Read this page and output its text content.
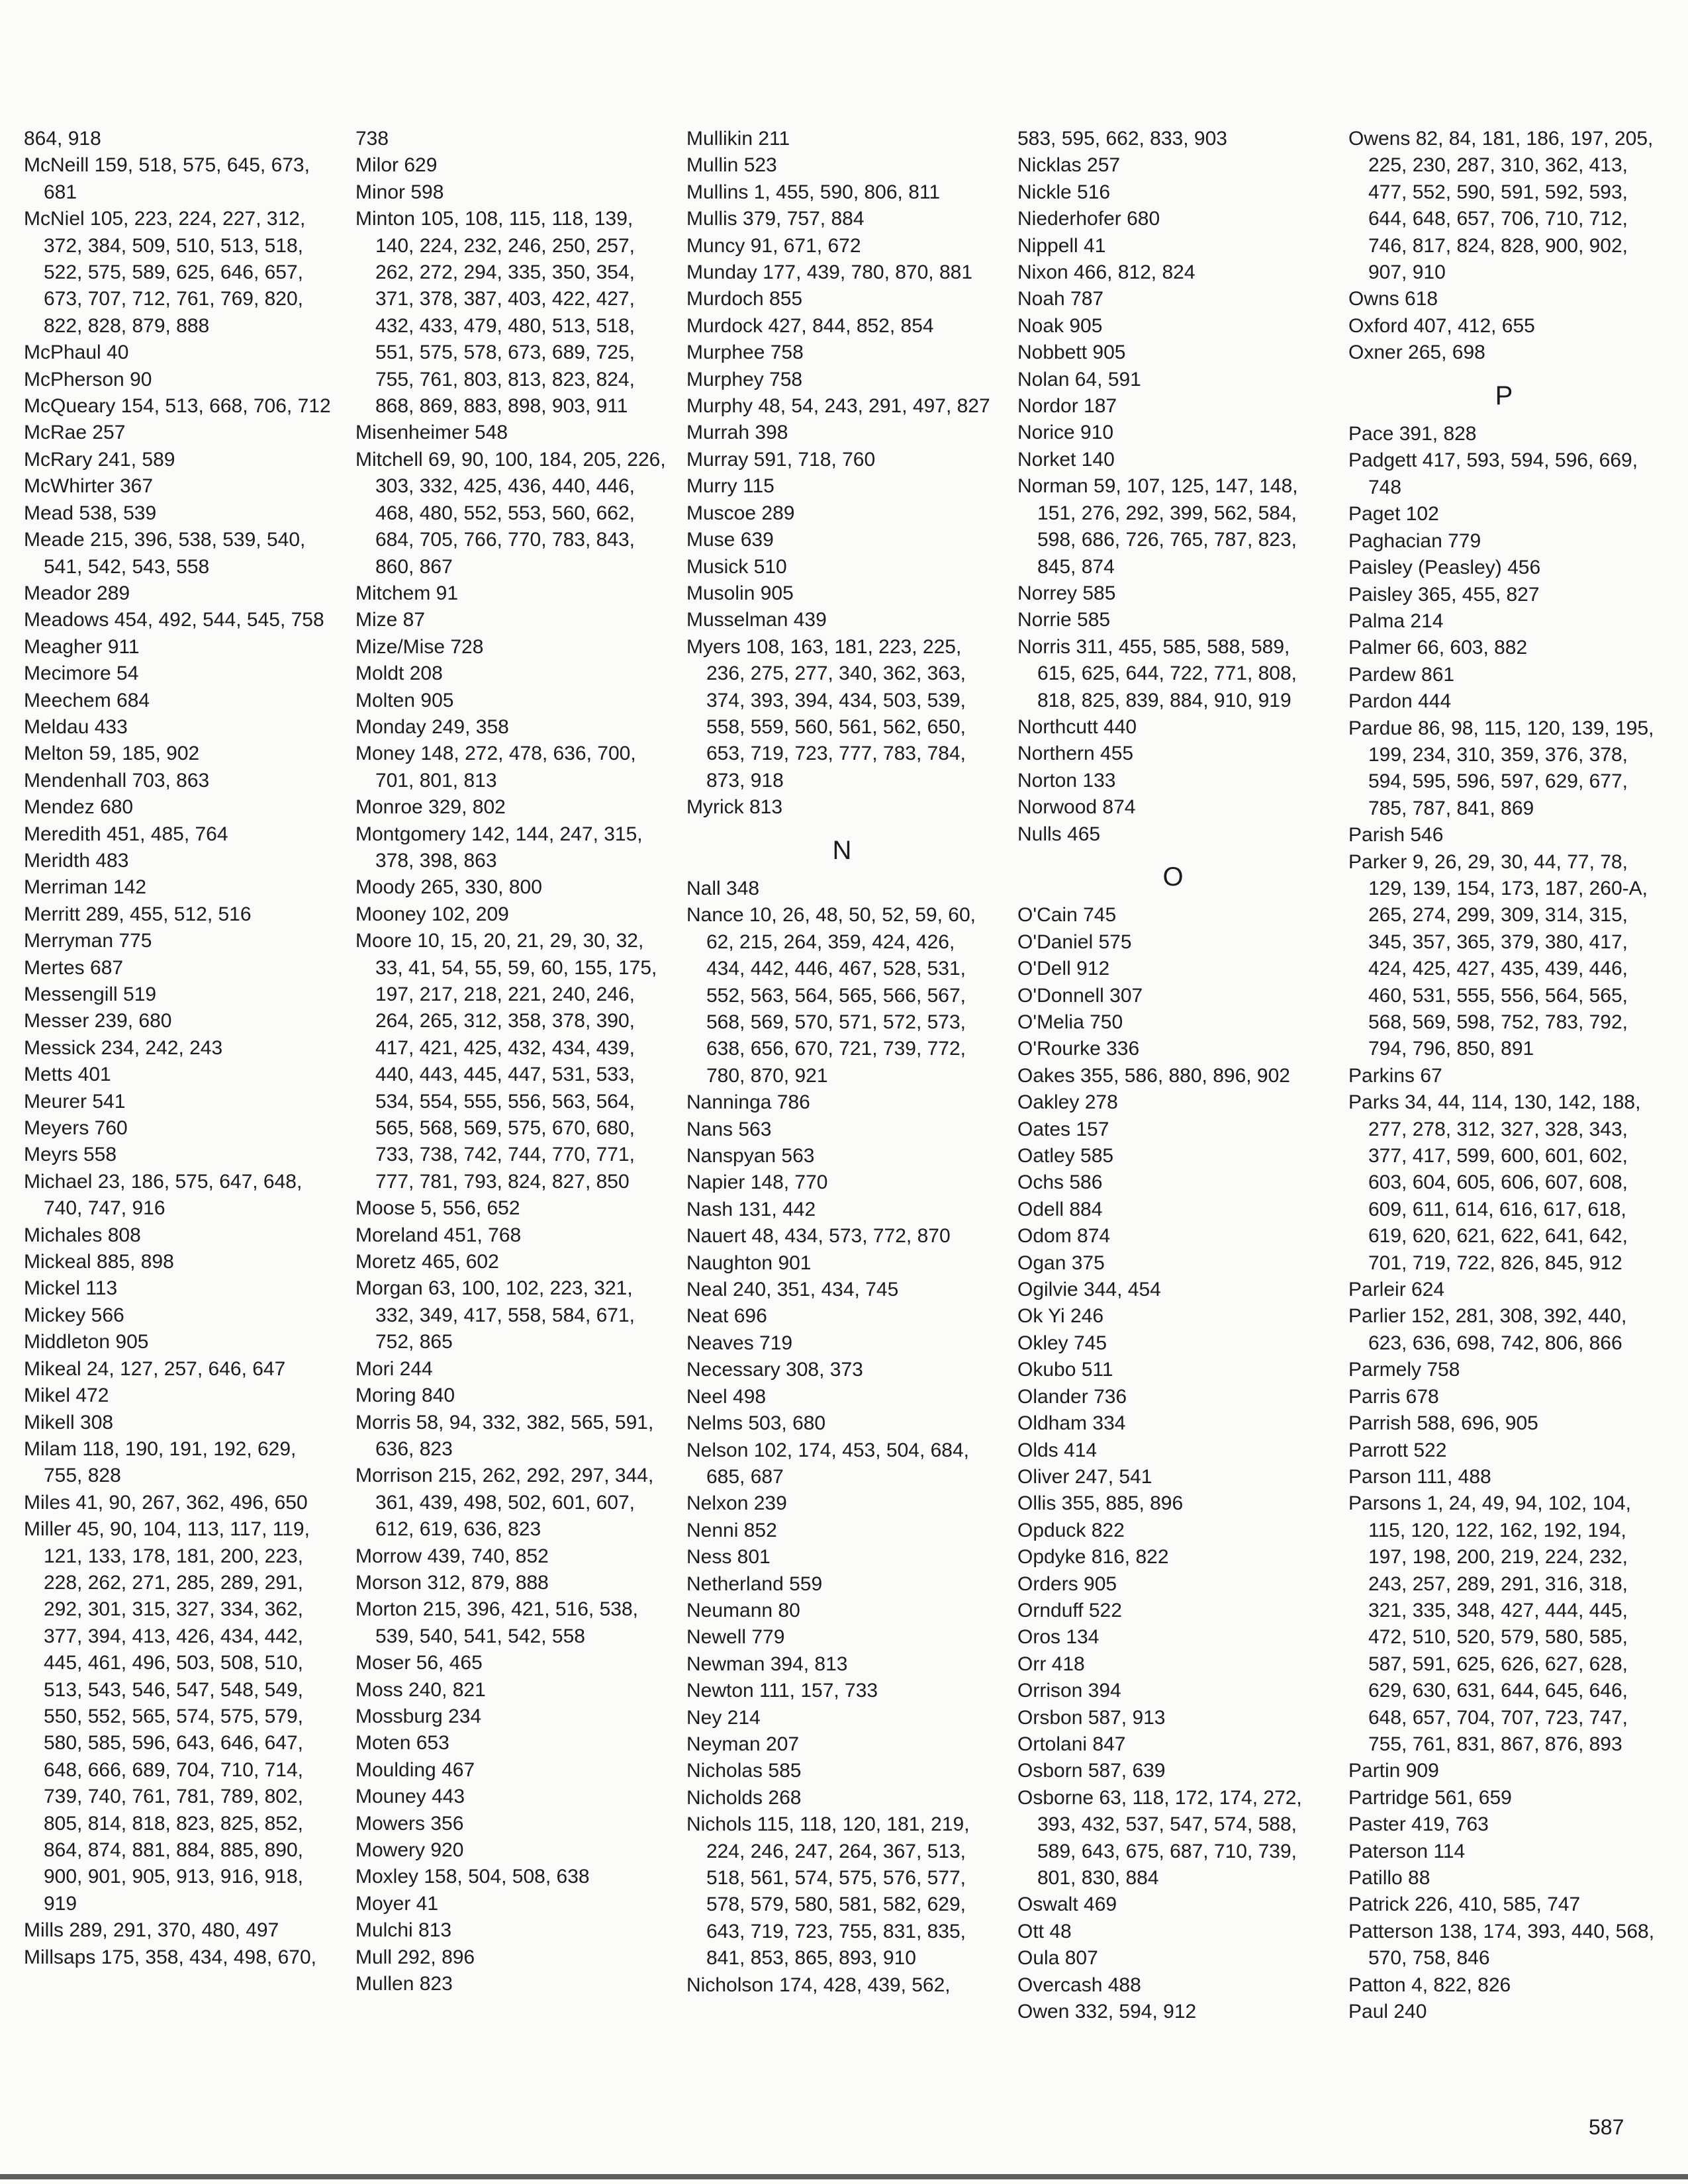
864, 918
McNeill 159, 518, 575, 645, 673, 681
McNiel 105, 223, 224, 227, 312, 372, 384, 509, 510, 513, 518, 522, 575, 589, 625, 646, 657, 673, 707, 712, 761, 769, 820, 822, 828, 879, 888
McPhaul 40
McPherson 90
McQueary 154, 513, 668, 706, 712
McRae 257
McRary 241, 589
McWhirter 367
Mead 538, 539
Meade 215, 396, 538, 539, 540, 541, 542, 543, 558
Meador 289
Meadows 454, 492, 544, 545, 758
Meagher 911
Mecimore 54
Meechem 684
Meldau 433
Melton 59, 185, 902
Mendenhall 703, 863
Mendez 680
Meredith 451, 485, 764
Meridth 483
Merriman 142
Merritt 289, 455, 512, 516
Merryman 775
Mertes 687
Messengill 519
Messer 239, 680
Messick 234, 242, 243
Metts 401
Meurer 541
Meyers 760
Meyrs 558
Michael 23, 186, 575, 647, 648, 740, 747, 916
Michales 808
Mickeal 885, 898
Mickel 113
Mickey 566
Middleton 905
Mikeal 24, 127, 257, 646, 647
Mikel 472
Mikell 308
Milam 118, 190, 191, 192, 629, 755, 828
Miles 41, 90, 267, 362, 496, 650
Miller 45, 90, 104, 113, 117, 119, 121, 133, 178, 181, 200, 223, 228, 262, 271, 285, 289, 291, 292, 301, 315, 327, 334, 362, 377, 394, 413, 426, 434, 442, 445, 461, 496, 503, 508, 510, 513, 543, 546, 547, 548, 549, 550, 552, 565, 574, 575, 579, 580, 585, 596, 643, 646, 647, 648, 666, 689, 704, 710, 714, 739, 740, 761, 781, 789, 802, 805, 814, 818, 823, 825, 852, 864, 874, 881, 884, 885, 890, 900, 901, 905, 913, 916, 918, 919
Mills 289, 291, 370, 480, 497
Millsaps 175, 358, 434, 498, 670,
738
Milor 629
Minor 598
Minton 105, 108, 115, 118, 139, 140, 224, 232, 246, 250, 257, 262, 272, 294, 335, 350, 354, 371, 378, 387, 403, 422, 427, 432, 433, 479, 480, 513, 518, 551, 575, 578, 673, 689, 725, 755, 761, 803, 813, 823, 824, 868, 869, 883, 898, 903, 911
Misenheimer 548
Mitchell 69, 90, 100, 184, 205, 226, 303, 332, 425, 436, 440, 446, 468, 480, 552, 553, 560, 662, 684, 705, 766, 770, 783, 843, 860, 867
Mitchem 91
Mize 87
Mize/Mise 728
Moldt 208
Molten 905
Monday 249, 358
Money 148, 272, 478, 636, 700, 701, 801, 813
Monroe 329, 802
Montgomery 142, 144, 247, 315, 378, 398, 863
Moody 265, 330, 800
Mooney 102, 209
Moore 10, 15, 20, 21, 29, 30, 32, 33, 41, 54, 55, 59, 60, 155, 175, 197, 217, 218, 221, 240, 246, 264, 265, 312, 358, 378, 390, 417, 421, 425, 432, 434, 439, 440, 443, 445, 447, 531, 533, 534, 554, 555, 556, 563, 564, 565, 568, 569, 575, 670, 680, 733, 738, 742, 744, 770, 771, 777, 781, 793, 824, 827, 850
Moose 5, 556, 652
Moreland 451, 768
Moretz 465, 602
Morgan 63, 100, 102, 223, 321, 332, 349, 417, 558, 584, 671, 752, 865
Mori 244
Moring 840
Morris 58, 94, 332, 382, 565, 591, 636, 823
Morrison 215, 262, 292, 297, 344, 361, 439, 498, 502, 601, 607, 612, 619, 636, 823
Morrow 439, 740, 852
Morson 312, 879, 888
Morton 215, 396, 421, 516, 538, 539, 540, 541, 542, 558
Moser 56, 465
Moss 240, 821
Mossburg 234
Moten 653
Moulding 467
Mouney 443
Mowers 356
Mowery 920
Moxley 158, 504, 508, 638
Moyer 41
Mulchi 813
Mull 292, 896
Mullen 823
Mullikin 211
Mullin 523
Mullins 1, 455, 590, 806, 811
Mullis 379, 757, 884
Muncy 91, 671, 672
Munday 177, 439, 780, 870, 881
Murdoch 855
Murdock 427, 844, 852, 854
Murphee 758
Murphey 758
Murphy 48, 54, 243, 291, 497, 827
Murrah 398
Murray 591, 718, 760
Murry 115
Muscoe 289
Muse 639
Musick 510
Musolin 905
Musselman 439
Myers 108, 163, 181, 223, 225, 236, 275, 277, 340, 362, 363, 374, 393, 394, 434, 503, 539, 558, 559, 560, 561, 562, 650, 653, 719, 723, 777, 783, 784, 873, 918
Myrick 813
N
Nall 348
Nance 10, 26, 48, 50, 52, 59, 60, 62, 215, 264, 359, 424, 426, 434, 442, 446, 467, 528, 531, 552, 563, 564, 565, 566, 567, 568, 569, 570, 571, 572, 573, 638, 656, 670, 721, 739, 772, 780, 870, 921
Nanninga 786
Nans 563
Nanspyan 563
Napier 148, 770
Nash 131, 442
Nauert 48, 434, 573, 772, 870
Naughton 901
Neal 240, 351, 434, 745
Neat 696
Neaves 719
Necessary 308, 373
Neel 498
Nelms 503, 680
Nelson 102, 174, 453, 504, 684, 685, 687
Nelxon 239
Nenni 852
Ness 801
Netherland 559
Neumann 80
Newell 779
Newman 394, 813
Newton 111, 157, 733
Ney 214
Neyman 207
Nicholas 585
Nicholds 268
Nichols 115, 118, 120, 181, 219, 224, 246, 247, 264, 367, 513, 518, 561, 574, 575, 576, 577, 578, 579, 580, 581, 582, 629, 643, 719, 723, 755, 831, 835, 841, 853, 865, 893, 910
Nicholson 174, 428, 439, 562,
583, 595, 662, 833, 903
Nicklas 257
Nickle 516
Niederhofer 680
Nippell 41
Nixon 466, 812, 824
Noah 787
Noak 905
Nobbett 905
Nolan 64, 591
Nordor 187
Norice 910
Norket 140
Norman 59, 107, 125, 147, 148, 151, 276, 292, 399, 562, 584, 598, 686, 726, 765, 787, 823, 845, 874
Norrey 585
Norrie 585
Norris 311, 455, 585, 588, 589, 615, 625, 644, 722, 771, 808, 818, 825, 839, 884, 910, 919
Northcutt 440
Northern 455
Norton 133
Norwood 874
Nulls 465
O
O'Cain 745
O'Daniel 575
O'Dell 912
O'Donnell 307
O'Melia 750
O'Rourke 336
Oakes 355, 586, 880, 896, 902
Oakley 278
Oates 157
Oatley 585
Ochs 586
Odell 884
Odom 874
Ogan 375
Ogilvie 344, 454
Ok Yi 246
Okley 745
Okubo 511
Olander 736
Oldham 334
Olds 414
Oliver 247, 541
Ollis 355, 885, 896
Opduck 822
Opdyke 816, 822
Orders 905
Ornduff 522
Oros 134
Orr 418
Orrison 394
Orsbon 587, 913
Ortolani 847
Osborn 587, 639
Osborne 63, 118, 172, 174, 272, 393, 432, 537, 547, 574, 588, 589, 643, 675, 687, 710, 739, 801, 830, 884
Oswalt 469
Ott 48
Oula 807
Overcash 488
Owen 332, 594, 912
Owens 82, 84, 181, 186, 197, 205, 225, 230, 287, 310, 362, 413, 477, 552, 590, 591, 592, 593, 644, 648, 657, 706, 710, 712, 746, 817, 824, 828, 900, 902, 907, 910
Owns 618
Oxford 407, 412, 655
Oxner 265, 698
P
Pace 391, 828
Padgett 417, 593, 594, 596, 669, 748
Paget 102
Paghacian 779
Paisley (Peasley) 456
Paisley 365, 455, 827
Palma 214
Palmer 66, 603, 882
Pardew 861
Pardon 444
Pardue 86, 98, 115, 120, 139, 195, 199, 234, 310, 359, 376, 378, 594, 595, 596, 597, 629, 677, 785, 787, 841, 869
Parish 546
Parker 9, 26, 29, 30, 44, 77, 78, 129, 139, 154, 173, 187, 260-A, 265, 274, 299, 309, 314, 315, 345, 357, 365, 379, 380, 417, 424, 425, 427, 435, 439, 446, 460, 531, 555, 556, 564, 565, 568, 569, 598, 752, 783, 792, 794, 796, 850, 891
Parkins 67
Parks 34, 44, 114, 130, 142, 188, 277, 278, 312, 327, 328, 343, 377, 417, 599, 600, 601, 602, 603, 604, 605, 606, 607, 608, 609, 611, 614, 616, 617, 618, 619, 620, 621, 622, 641, 642, 701, 719, 722, 826, 845, 912
Parleir 624
Parlier 152, 281, 308, 392, 440, 623, 636, 698, 742, 806, 866
Parmely 758
Parris 678
Parrish 588, 696, 905
Parrott 522
Parson 111, 488
Parsons 1, 24, 49, 94, 102, 104, 115, 120, 122, 162, 192, 194, 197, 198, 200, 219, 224, 232, 243, 257, 289, 291, 316, 318, 321, 335, 348, 427, 444, 445, 472, 510, 520, 579, 580, 585, 587, 591, 625, 626, 627, 628, 629, 630, 631, 644, 645, 646, 648, 657, 704, 707, 723, 747, 755, 761, 831, 867, 876, 893
Partin 909
Partridge 561, 659
Paster 419, 763
Paterson 114
Patillo 88
Patrick 226, 410, 585, 747
Patterson 138, 174, 393, 440, 568, 570, 758, 846
Patton 4, 822, 826
Paul 240
587
